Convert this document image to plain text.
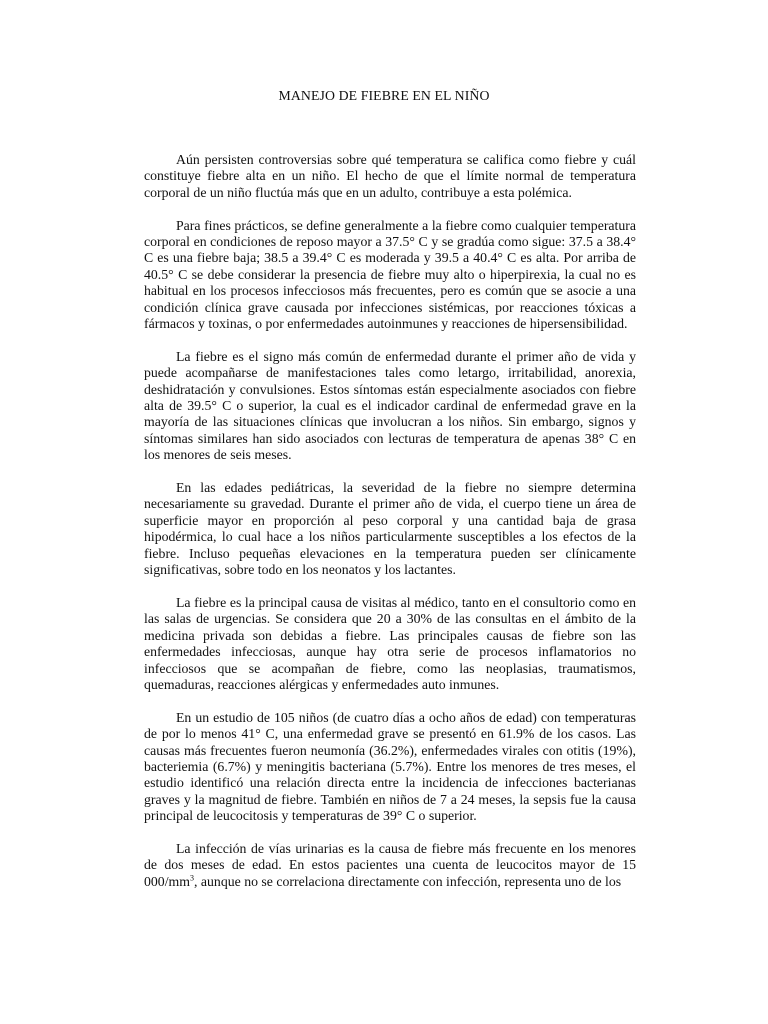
MANEJO DE FIEBRE EN EL NIÑO

Aún persisten controversias sobre qué temperatura se califica como fiebre y cuál constituye fiebre alta en un niño. El hecho de que el límite normal de temperatura corporal de un niño fluctúa más que en un adulto, contribuye a esta polémica.

Para fines prácticos, se define generalmente a la fiebre como cualquier temperatura corporal en condiciones de reposo mayor a 37.5° C y se gradúa como sigue: 37.5 a 38.4° C es una fiebre baja; 38.5 a 39.4° C es moderada y 39.5 a 40.4° C es alta. Por arriba de 40.5° C se debe considerar la presencia de fiebre muy alto o hiperpirexia, la cual no es habitual en los procesos infecciosos más frecuentes, pero es común que se asocie a una condición clínica grave causada por infecciones sistémicas, por reacciones tóxicas a fármacos y toxinas, o por enfermedades autoinmunes y reacciones de hipersensibilidad.

La fiebre es el signo más común de enfermedad durante el primer año de vida y puede acompañarse de manifestaciones tales como letargo, irritabilidad, anorexia, deshidratación y convulsiones. Estos síntomas están especialmente asociados con fiebre alta de 39.5° C o superior, la cual es el indicador cardinal de enfermedad grave en la mayoría de las situaciones clínicas que involucran a los niños. Sin embargo, signos y síntomas similares han sido asociados con lecturas de temperatura de apenas 38° C en los menores de seis meses.

En las edades pediátricas, la severidad de la fiebre no siempre determina necesariamente su gravedad. Durante el primer año de vida, el cuerpo tiene un área de superficie mayor en proporción al peso corporal y una cantidad baja de grasa hipodérmica, lo cual hace a los niños particularmente susceptibles a los efectos de la fiebre. Incluso pequeñas elevaciones en la temperatura pueden ser clínicamente significativas, sobre todo en los neonatos y los lactantes.

La fiebre es la principal causa de visitas al médico, tanto en el consultorio como en las salas de urgencias. Se considera que 20 a 30% de las consultas en el ámbito de la medicina privada son debidas a fiebre. Las principales causas de fiebre son las enfermedades infecciosas, aunque hay otra serie de procesos inflamatorios no infecciosos que se acompañan de fiebre, como las neoplasias, traumatismos, quemaduras, reacciones alérgicas y enfermedades auto inmunes.

En un estudio de 105 niños (de cuatro días a ocho años de edad) con temperaturas de por lo menos 41° C, una enfermedad grave se presentó en 61.9% de los casos. Las causas más frecuentes fueron neumonía (36.2%), enfermedades virales con otitis (19%), bacteriemia (6.7%) y meningitis bacteriana (5.7%). Entre los menores de tres meses, el estudio identificó una relación directa entre la incidencia de infecciones bacterianas graves y la magnitud de fiebre. También en niños de 7 a 24 meses, la sepsis fue la causa principal de leucocitosis y temperaturas de 39° C o superior.

La infección de vías urinarias es la causa de fiebre más frecuente en los menores de dos meses de edad. En estos pacientes una cuenta de leucocitos mayor de 15 $000/mm^3$, aunque no se correlaciona directamente con infección, representa uno de los
